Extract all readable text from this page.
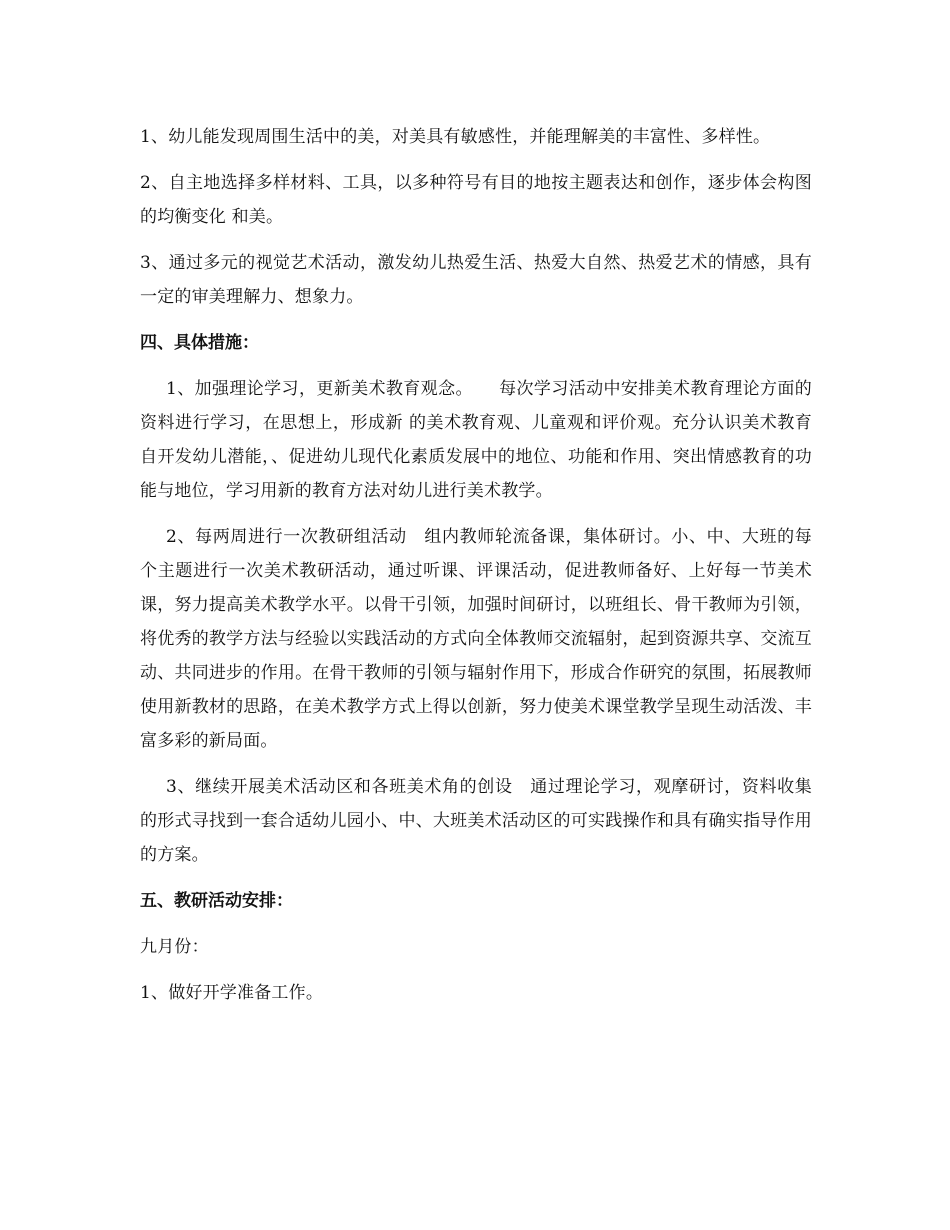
1、幼儿能发现周围生活中的美，对美具有敏感性，并能理解美的丰富性、多样性。

2、自主地选择多样材料、工具，以多种符号有目的地按主题表达和创作，逐步体会构图的均衡变化 和美。

3、通过多元的视觉艺术活动，激发幼儿热爱生活、热爱大自然、热爱艺术的情感，具有一定的审美理解力、想象力。

四、具体措施：

1、加强理论学习，更新美术教育观念。　　每次学习活动中安排美术教育理论方面的资料进行学习，在思想上，形成新 的美术教育观、儿童观和评价观。充分认识美术教育自开发幼儿潜能，、促进幼儿现代化素质发展中的地位、功能和作用、突出情感教育的功能与地位，学习用新的教育方法对幼儿进行美术教学。

2、每两周进行一次教研组活动　组内教师轮流备课，集体研讨。小、中、大班的每个主题进行一次美术教研活动，通过听课、评课活动，促进教师备好、上好每一节美术课，努力提高美术教学水平。以骨干引领，加强时间研讨，以班组长、骨干教师为引领，将优秀的教学方法与经验以实践活动的方式向全体教师交流辐射，起到资源共享、交流互动、共同进步的作用。在骨干教师的引领与辐射作用下，形成合作研究的氛围，拓展教师使用新教材的思路，在美术教学方式上得以创新，努力使美术课堂教学呈现生动活泼、丰富多彩的新局面。

3、继续开展美术活动区和各班美术角的创设　通过理论学习，观摩研讨，资料收集的形式寻找到一套合适幼儿园小、中、大班美术活动区的可实践操作和具有确实指导作用的方案。

五、教研活动安排：

九月份：

1、做好开学准备工作。
